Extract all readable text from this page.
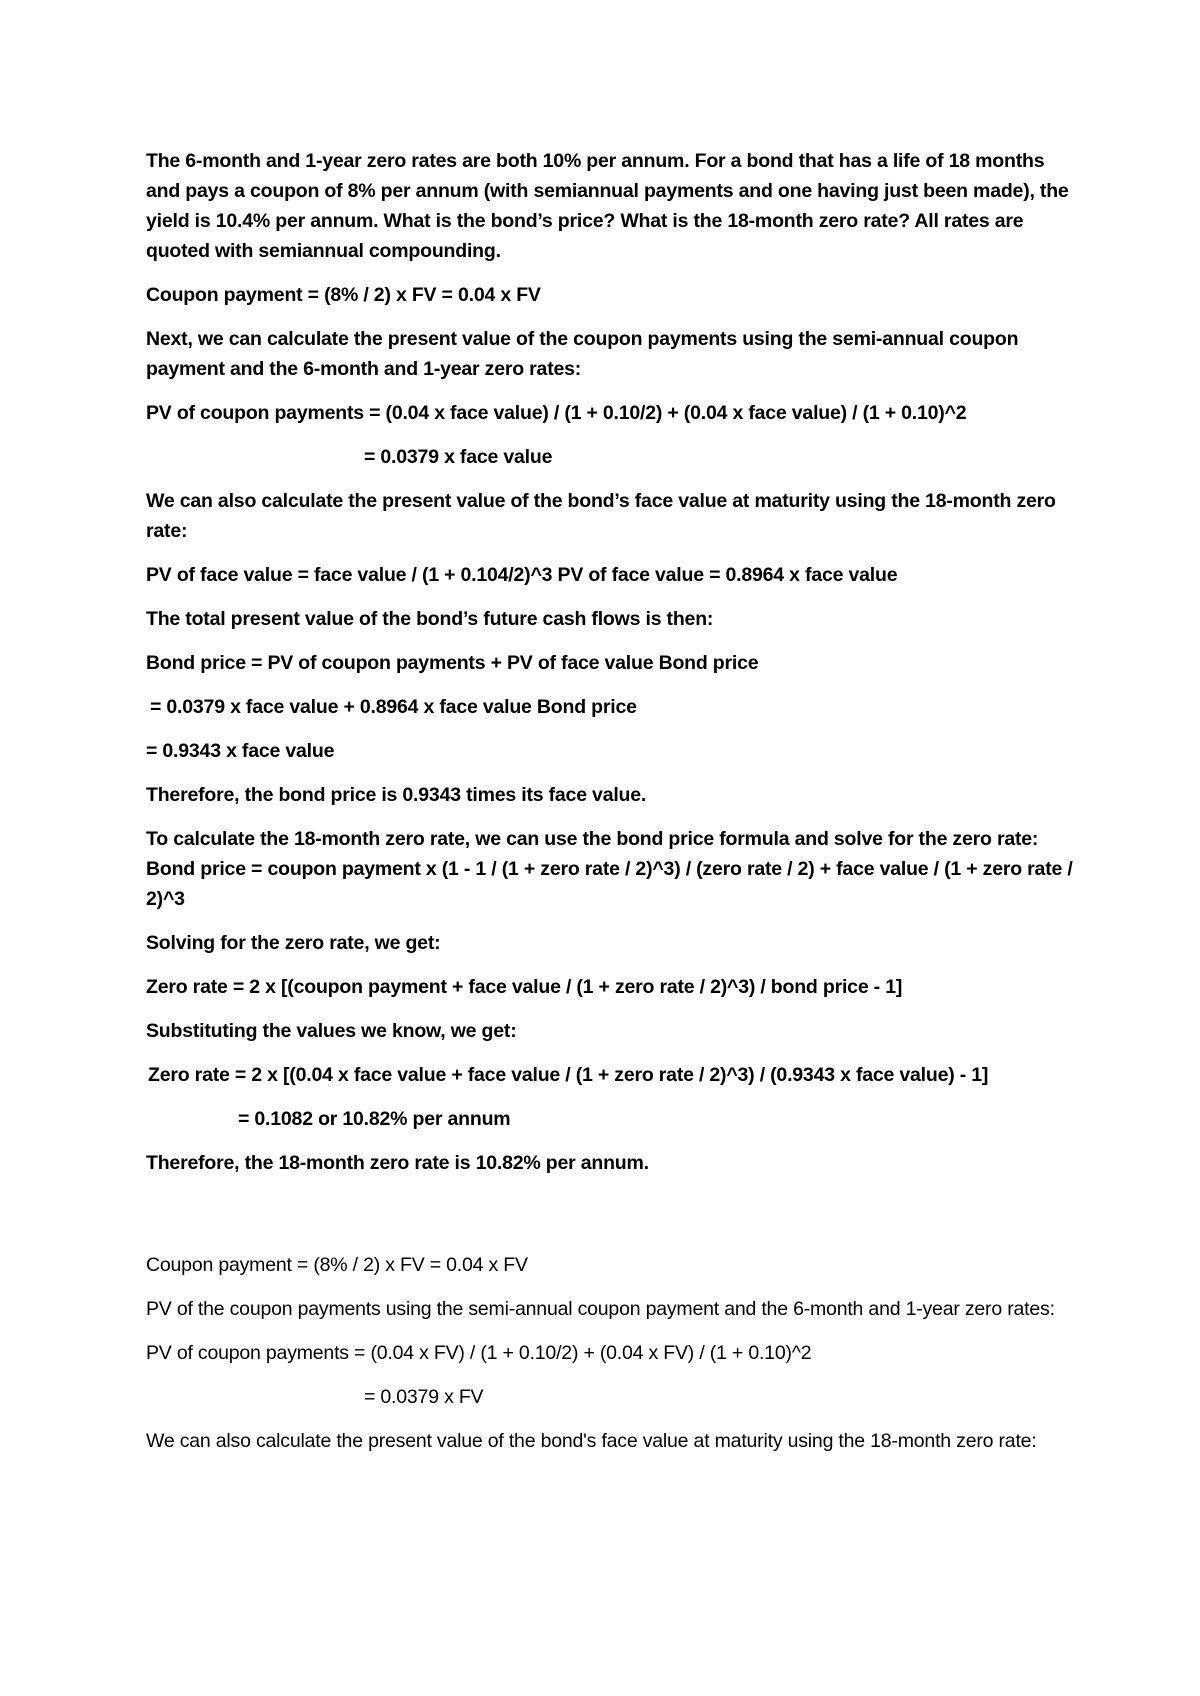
The 6-month and 1-year zero rates are both 10% per annum. For a bond that has a life of 18 months and pays a coupon of 8% per annum (with semiannual payments and one having just been made), the yield is 10.4% per annum. What is the bond’s price? What is the 18-month zero rate? All rates are quoted with semiannual compounding.

Coupon payment = (8% / 2) x FV = 0.04 x FV

Next, we can calculate the present value of the coupon payments using the semi-annual coupon payment and the 6-month and 1-year zero rates:

PV of coupon payments = (0.04 x face value) / (1 + 0.10/2) + (0.04 x face value) / (1 + 0.10)^2

= 0.0379 x face value

We can also calculate the present value of the bond’s face value at maturity using the 18-month zero rate:

PV of face value = face value / (1 + 0.104/2)^3 PV of face value = 0.8964 x face value

The total present value of the bond’s future cash flows is then:

Bond price = PV of coupon payments + PV of face value Bond price

= 0.0379 x face value + 0.8964 x face value Bond price

= 0.9343 x face value

Therefore, the bond price is 0.9343 times its face value.

To calculate the 18-month zero rate, we can use the bond price formula and solve for the zero rate: Bond price = coupon payment x (1 - 1 / (1 + zero rate / 2)^3) / (zero rate / 2) + face value / (1 + zero rate / 2)^3

Solving for the zero rate, we get:

Zero rate = 2 x [(coupon payment + face value / (1 + zero rate / 2)^3) / bond price - 1]

Substituting the values we know, we get:

Zero rate = 2 x [(0.04 x face value + face value / (1 + zero rate / 2)^3) / (0.9343 x face value) - 1]

= 0.1082 or 10.82% per annum

Therefore, the 18-month zero rate is 10.82% per annum.

Coupon payment = (8% / 2) x FV = 0.04 x FV

PV of the coupon payments using the semi-annual coupon payment and the 6-month and 1-year zero rates:

PV of coupon payments = (0.04 x FV) / (1 + 0.10/2) + (0.04 x FV) / (1 + 0.10)^2

= 0.0379 x FV

We can also calculate the present value of the bond's face value at maturity using the 18-month zero rate:
